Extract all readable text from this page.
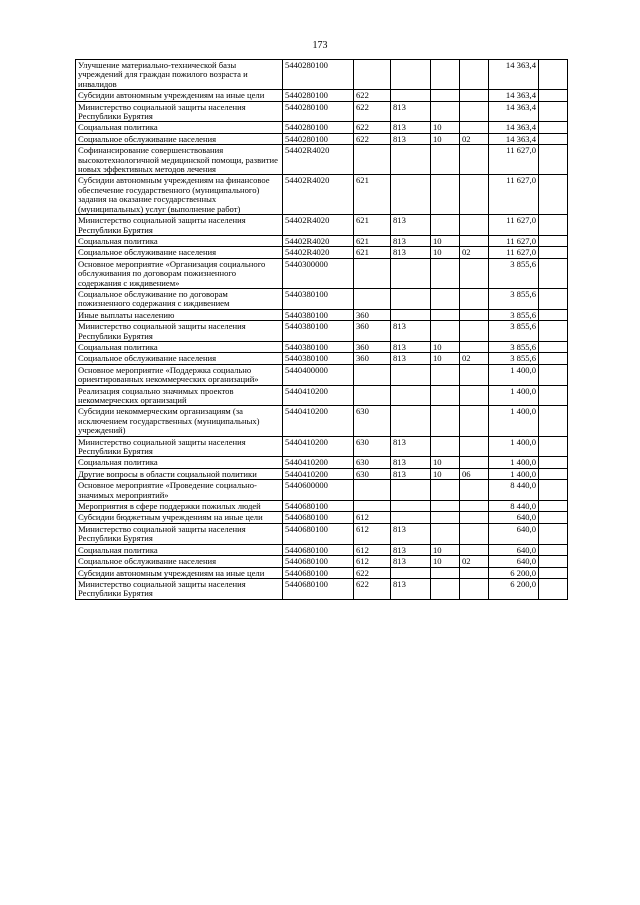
173
Улучшение материально-технической базы учреждений для граждан пожилого возраста и инвалидов	5440280100					14 363,4	
Субсидии автономным учреждениям на иные цели	5440280100	622				14 363,4	
Министерство социальной защиты населения Республики Бурятия	5440280100	622	813			14 363,4	
Социальная политика	5440280100	622	813	10		14 363,4	
Социальное обслуживание населения	5440280100	622	813	10	02	14 363,4	
Софинансирование совершенствования высокотехнологичной медицинской помощи, развитие новых эффективных методов лечения	54402R4020					11 627,0	
Субсидии автономным учреждениям на финансовое обеспечение государственного (муниципального) задания на оказание государственных (муниципальных) услуг (выполнение работ)	54402R4020	621				11 627,0	
Министерство социальной защиты населения Республики Бурятия	54402R4020	621	813			11 627,0	
Социальная политика	54402R4020	621	813	10		11 627,0	
Социальное обслуживание населения	54402R4020	621	813	10	02	11 627,0	
Основное мероприятие «Организация социального обслуживания по договорам пожизненного содержания с иждивением»	5440300000					3 855,6	
Социальное обслуживание по договорам пожизненного содержания с иждивением	5440380100					3 855,6	
Иные выплаты населению	5440380100	360				3 855,6	
Министерство социальной защиты населения Республики Бурятия	5440380100	360	813			3 855,6	
Социальная политика	5440380100	360	813	10		3 855,6	
Социальное обслуживание населения	5440380100	360	813	10	02	3 855,6	
Основное мероприятие «Поддержка социально ориентированных некоммерческих организаций»	5440400000					1 400,0	
Реализация социально значимых проектов некоммерческих организаций	5440410200					1 400,0	
Субсидии некоммерческим организациям (за исключением государственных (муниципальных) учреждений)	5440410200	630				1 400,0	
Министерство социальной защиты населения Республики Бурятия	5440410200	630	813			1 400,0	
Социальная политика	5440410200	630	813	10		1 400,0	
Другие вопросы в области социальной политики	5440410200	630	813	10	06	1 400,0	
Основное мероприятие «Проведение социально-значимых мероприятий»	5440600000					8 440,0	
Мероприятия в сфере поддержки пожилых людей	5440680100					8 440,0	
Субсидии бюджетным учреждениям на иные цели	5440680100	612				640,0	
Министерство социальной защиты населения Республики Бурятия	5440680100	612	813			640,0	
Социальная политика	5440680100	612	813	10		640,0	
Социальное обслуживание населения	5440680100	612	813	10	02	640,0	
Субсидии автономным учреждениям на иные цели	5440680100	622				6 200,0	
Министерство социальной защиты населения Республики Бурятия	5440680100	622	813			6 200,0	
